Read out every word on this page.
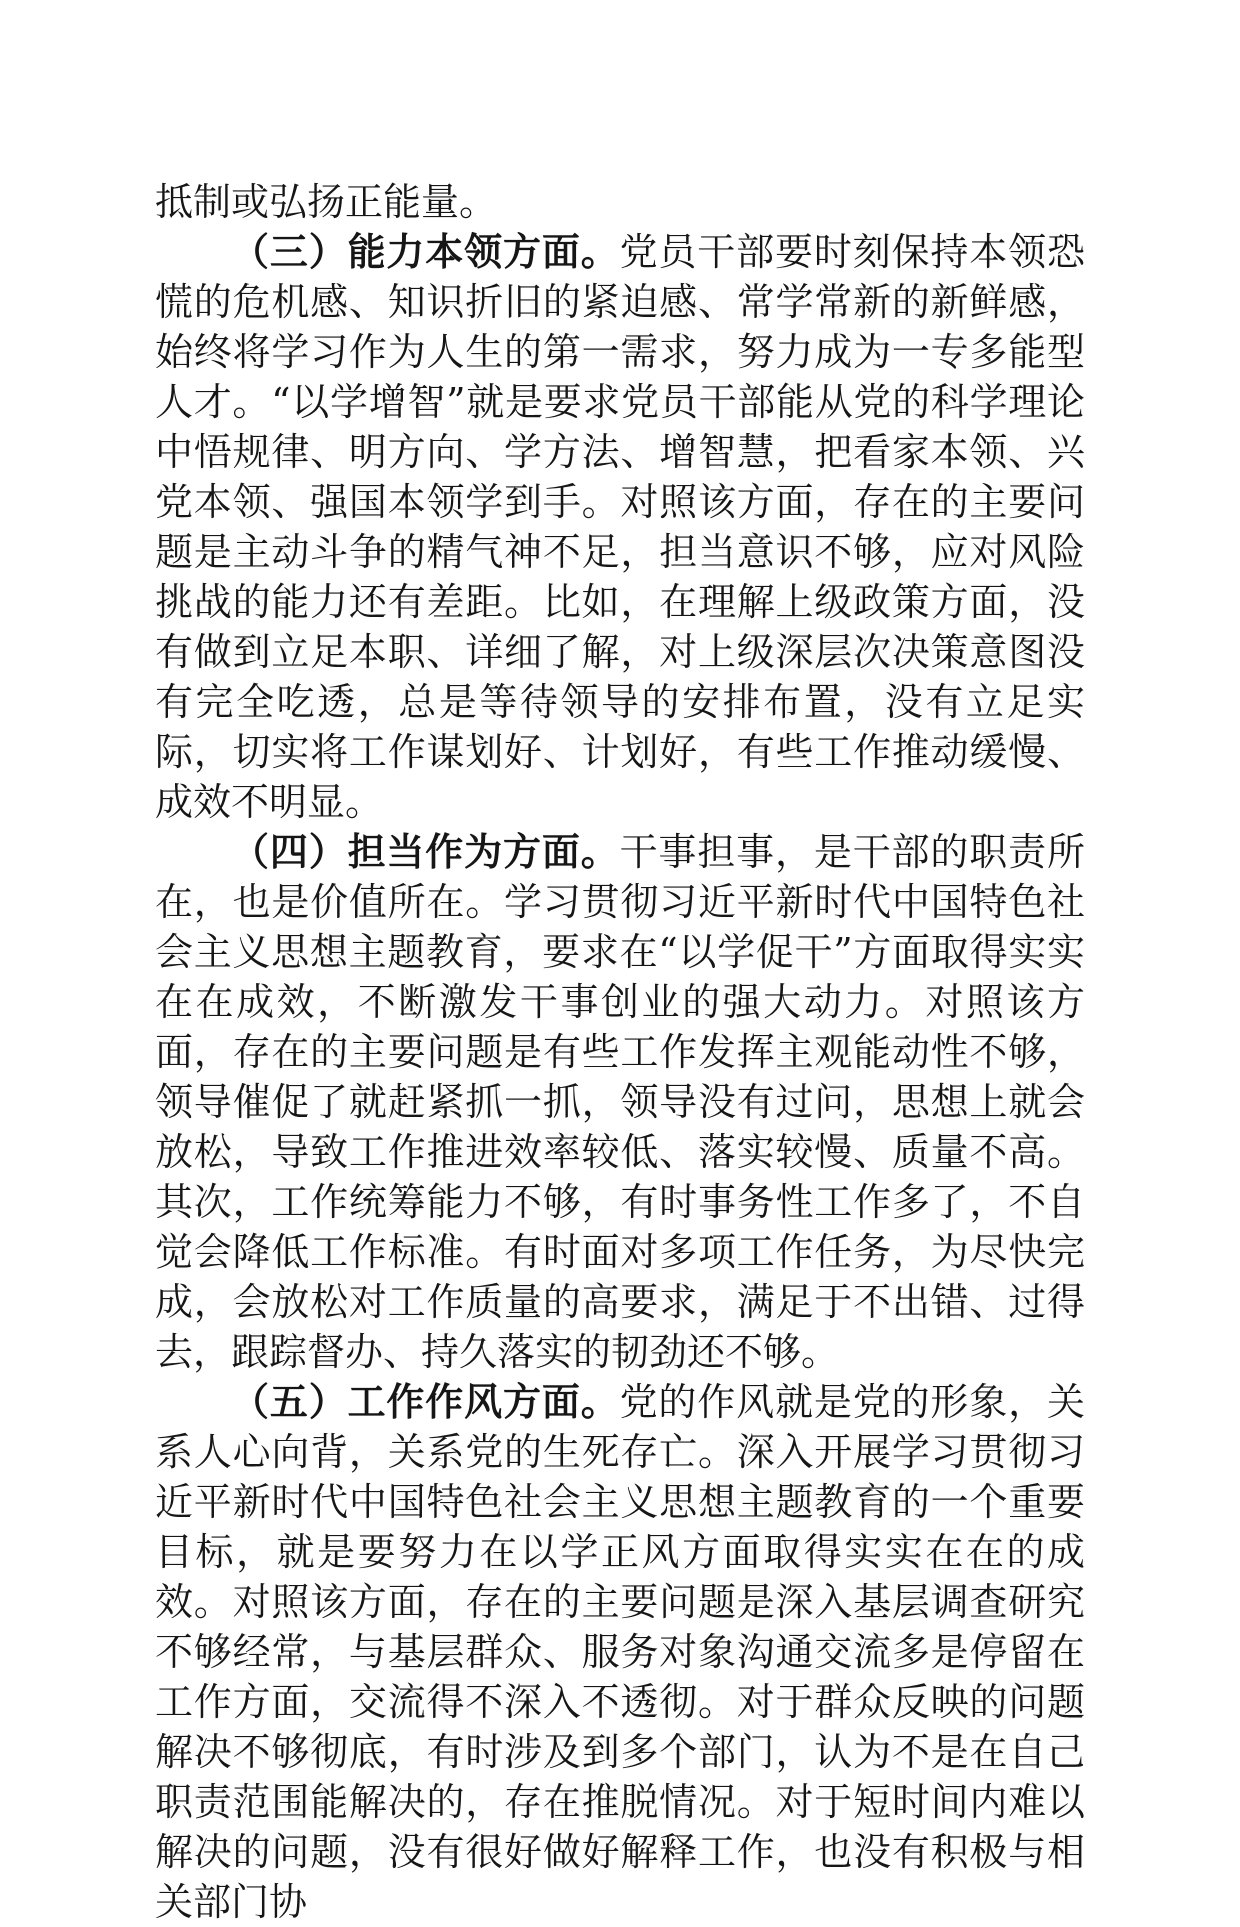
抵制或弘扬正能量。

（三）能力本领方面。党员干部要时刻保持本领恐慌的危机感、知识折旧的紧迫感、常学常新的新鲜感，始终将学习作为人生的第一需求，努力成为一专多能型人才。“以学增智”就是要求党员干部能从党的科学理论中悟规律、明方向、学方法、增智慧，把看家本领、兴党本领、强国本领学到手。对照该方面，存在的主要问题是主动斗争的精气神不足，担当意识不够，应对风险挑战的能力还有差距。比如，在理解上级政策方面，没有做到立足本职、详细了解，对上级深层次决策意图没有完全吃透，总是等待领导的安排布置，没有立足实际，切实将工作谋划好、计划好，有些工作推动缓慢、成效不明显。

（四）担当作为方面。干事担事，是干部的职责所在，也是价值所在。学习贯彻习近平新时代中国特色社会主义思想主题教育，要求在“以学促干”方面取得实实在在成效，不断激发干事创业的强大动力。对照该方面，存在的主要问题是有些工作发挥主观能动性不够，领导催促了就赶紧抓一抓，领导没有过问，思想上就会放松，导致工作推进效率较低、落实较慢、质量不高。其次，工作统筹能力不够，有时事务性工作多了，不自觉会降低工作标准。有时面对多项工作任务，为尽快完成，会放松对工作质量的高要求，满足于不出错、过得去，跟踪督办、持久落实的韧劲还不够。

（五）工作作风方面。党的作风就是党的形象，关系人心向背，关系党的生死存亡。深入开展学习贯彻习近平新时代中国特色社会主义思想主题教育的一个重要目标，就是要努力在以学正风方面取得实实在在的成效。对照该方面，存在的主要问题是深入基层调查研究不够经常，与基层群众、服务对象沟通交流多是停留在工作方面，交流得不深入不透彻。对于群众反映的问题解决不够彻底，有时涉及到多个部门，认为不是在自己职责范围能解决的，存在推脱情况。对于短时间内难以解决的问题，没有很好做好解释工作，也没有积极与相关部门协
